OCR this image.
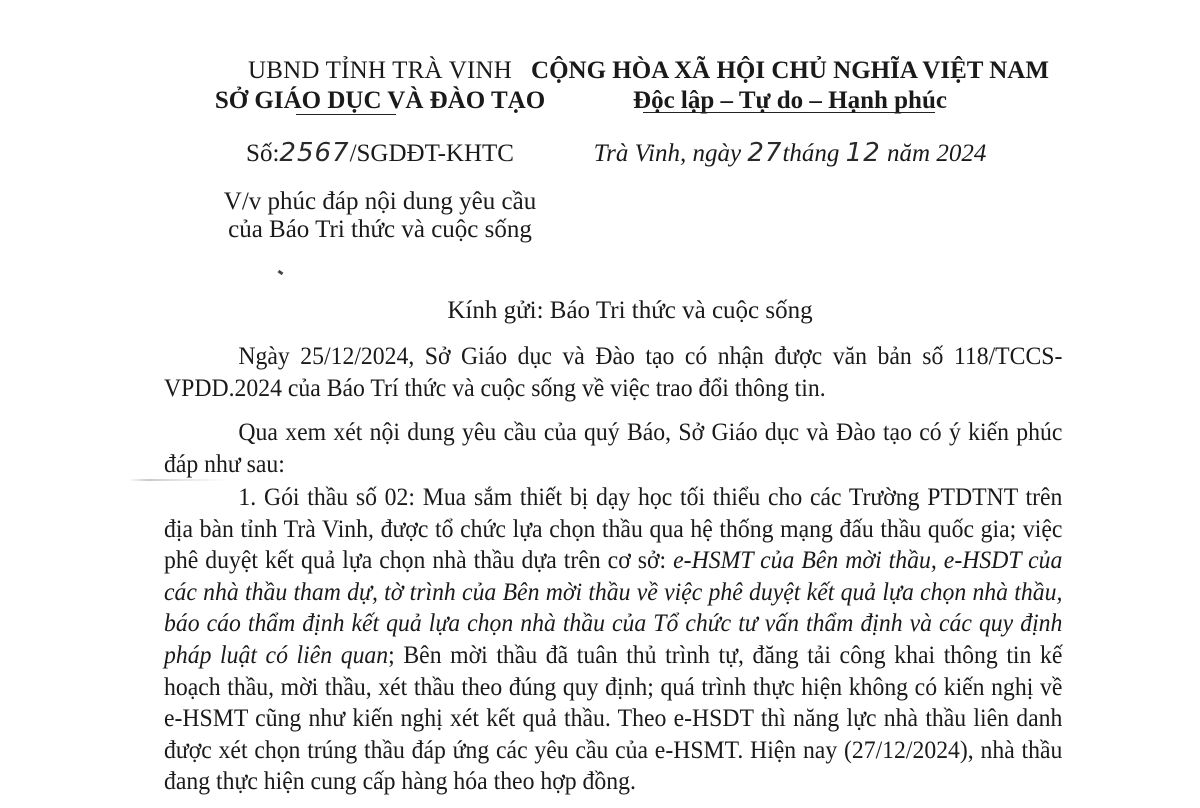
UBND TỈNH TRÀ VINH
SỞ GIÁO DỤC VÀ ĐÀO TẠO
CỘNG HÒA XÃ HỘI CHỦ NGHĨA VIỆT NAM
Độc lập – Tự do – Hạnh phúc
Số:2567/SGDĐT-KHTC	Trà Vinh, ngày 27tháng 12 năm 2024
V/v phúc đáp nội dung yêu cầu
của Báo Tri thức và cuộc sống
Kính gửi: Báo Tri thức và cuộc sống
Ngày 25/12/2024, Sở Giáo dục và Đào tạo có nhận được văn bản số 118/TCCS-VPDD.2024 của Báo Trí thức và cuộc sống về việc trao đổi thông tin.
Qua xem xét nội dung yêu cầu của quý Báo, Sở Giáo dục và Đào tạo có ý kiến phúc đáp như sau:
1. Gói thầu số 02: Mua sắm thiết bị dạy học tối thiểu cho các Trường PTDTNT trên địa bàn tỉnh Trà Vinh, được tổ chức lựa chọn thầu qua hệ thống mạng đấu thầu quốc gia; việc phê duyệt kết quả lựa chọn nhà thầu dựa trên cơ sở: e-HSMT của Bên mời thầu, e-HSDT của các nhà thầu tham dự, tờ trình của Bên mời thầu về việc phê duyệt kết quả lựa chọn nhà thầu, báo cáo thẩm định kết quả lựa chọn nhà thầu của Tổ chức tư vấn thẩm định và các quy định pháp luật có liên quan; Bên mời thầu đã tuân thủ trình tự, đăng tải công khai thông tin kế hoạch thầu, mời thầu, xét thầu theo đúng quy định; quá trình thực hiện không có kiến nghị về e-HSMT cũng như kiến nghị xét kết quả thầu. Theo e-HSDT thì năng lực nhà thầu liên danh được xét chọn trúng thầu đáp ứng các yêu cầu của e-HSMT. Hiện nay (27/12/2024), nhà thầu đang thực hiện cung cấp hàng hóa theo hợp đồng.
